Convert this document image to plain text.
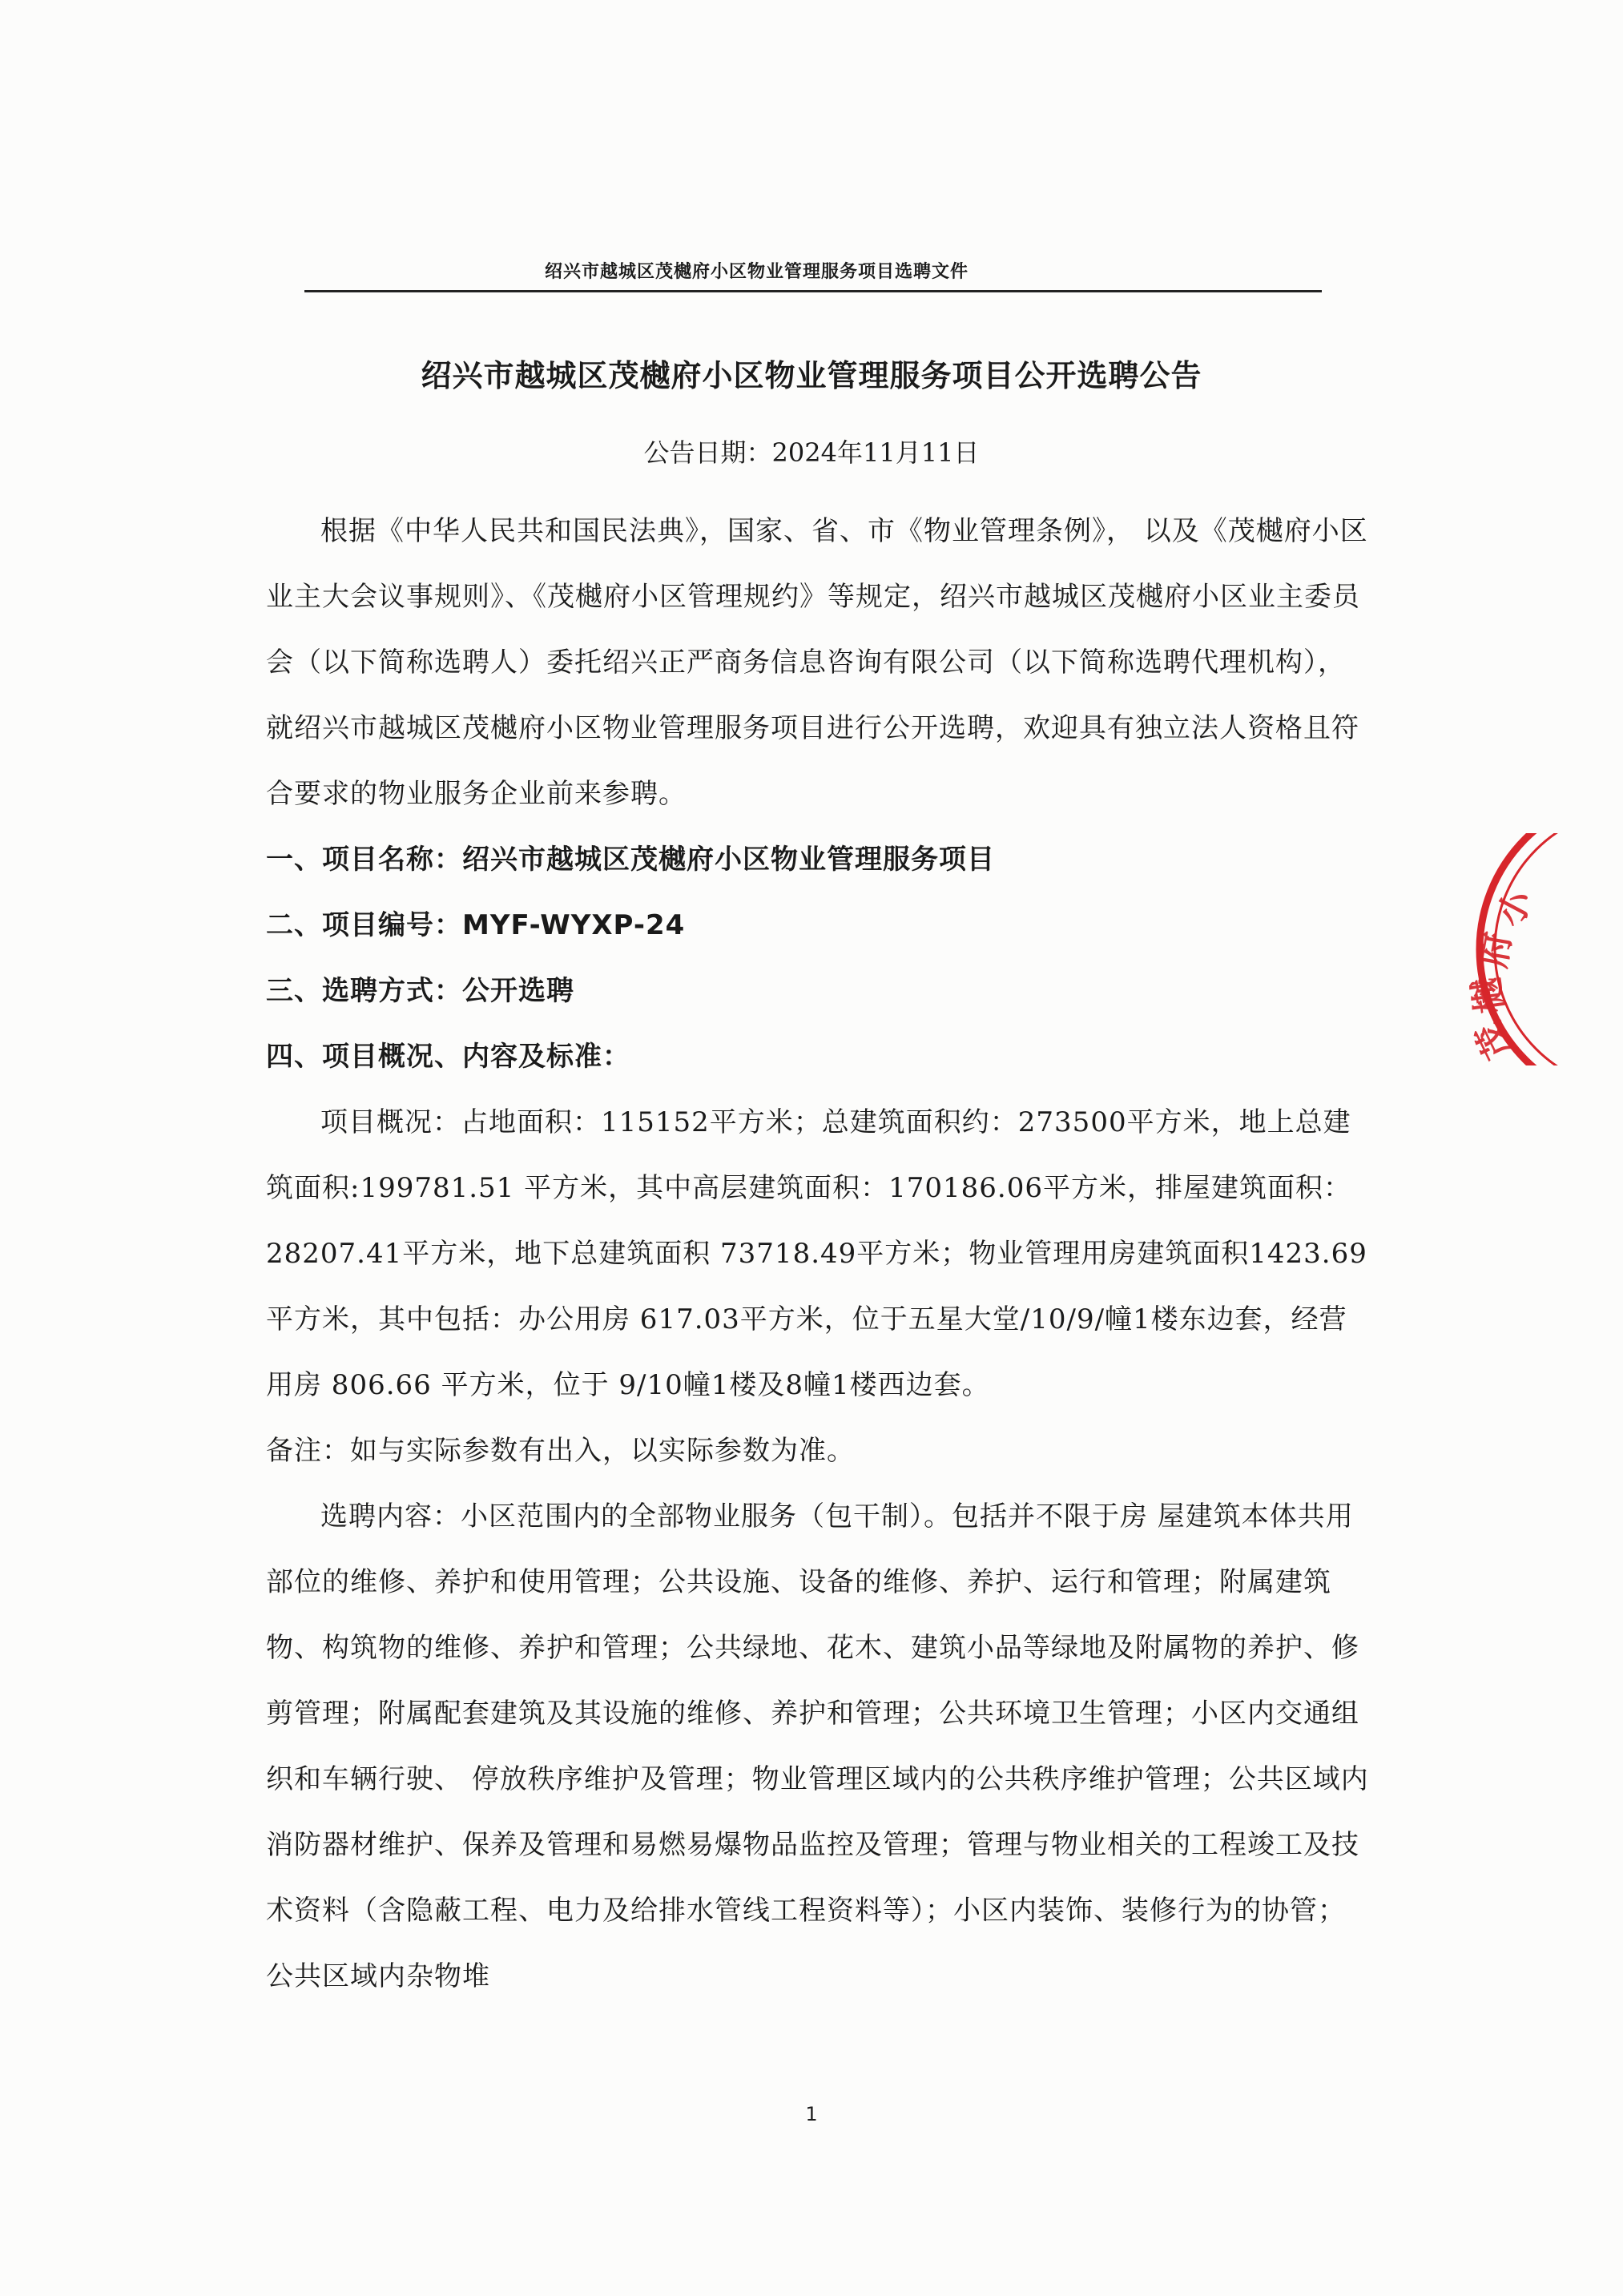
绍兴市越城区茂樾府小区物业管理服务项目选聘文件
绍兴市越城区茂樾府小区物业管理服务项目公开选聘公告
公告日期：2024年11月11日

根据《中华人民共和国民法典》，国家、省、市《物业管理条例》， 以及《茂樾府小区业主大会议事规则》、《茂樾府小区管理规约》等规定，绍兴市越城区茂樾府小区业主委员会（以下简称选聘人）委托绍兴正严商务信息咨询有限公司（以下简称选聘代理机构），就绍兴市越城区茂樾府小区物业管理服务项目进行公开选聘，欢迎具有独立法人资格且符合要求的物业服务企业前来参聘。

一、项目名称：绍兴市越城区茂樾府小区物业管理服务项目

二、项目编号：MYF-WYXP-24

三、选聘方式：公开选聘

四、项目概况、内容及标准：

项目概况：占地面积：115152平方米；总建筑面积约：273500平方米，地上总建筑面积:199781.51 平方米，其中高层建筑面积：170186.06平方米，排屋建筑面积：28207.41平方米，地下总建筑面积 73718.49平方米；物业管理用房建筑面积1423.69 平方米，其中包括：办公用房 617.03平方米，位于五星大堂/10/9/幢1楼东边套，经营用房 806.66 平方米，位于 9/10幢1楼及8幢1楼西边套。

备注：如与实际参数有出入，以实际参数为准。

选聘内容：小区范围内的全部物业服务（包干制）。包括并不限于房 屋建筑本体共用部位的维修、养护和使用管理；公共设施、设备的维修、养护、运行和管理；附属建筑物、构筑物的维修、养护和管理；公共绿地、花木、建筑小品等绿地及附属物的养护、修剪管理；附属配套建筑及其设施的维修、养护和管理；公共环境卫生管理；小区内交通组织和车辆行驶、 停放秩序维护及管理；物业管理区域内的公共秩序维护管理；公共区域内 消防器材维护、保养及管理和易燃易爆物品监控及管理；管理与物业相关的工程竣工及技术资料（含隐蔽工程、电力及给排水管线工程资料等）；小区内装饰、装修行为的协管；公共区域内杂物堆

1
小
府
樾
茂
